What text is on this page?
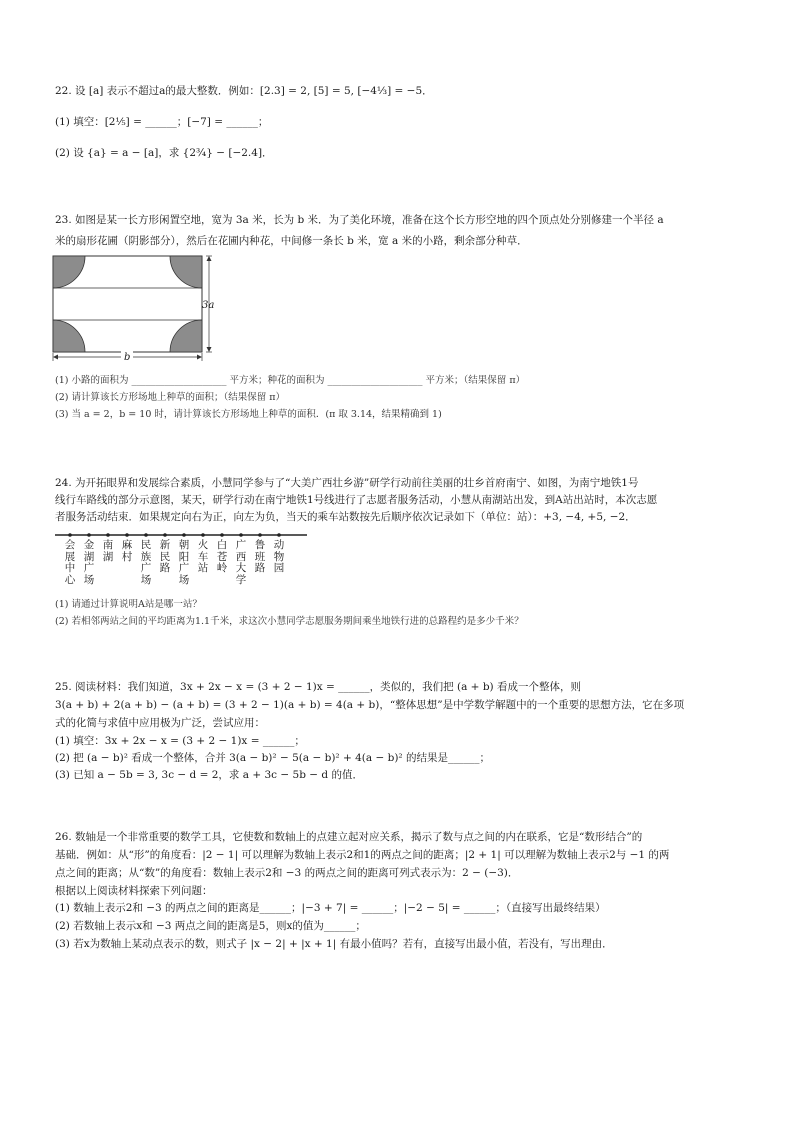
22. 设 [a] 表示不超过a的最大整数．例如：[2.3] = 2, [5] = 5, [−4⅓] = −5．
(1) 填空：[2⅕] = ______；[−7] = ______；
(2) 设 {a} = a − [a]，求 {2¾} − [−2.4]．
23. 如图是某一长方形闲置空地，宽为 3a 米，长为 b 米．为了美化环境，准备在这个长方形空地的四个顶点处分别修建一个半径 a
米的扇形花圃（阴影部分），然后在花圃内种花，中间修一条长 b 米，宽 a 米的小路，剩余部分种草．
3a
b
(1) 小路的面积为 ____________________ 平方米；种花的面积为 ____________________ 平方米；（结果保留 π）
(2) 请计算该长方形场地上种草的面积；（结果保留 π）
(3) 当 a = 2，b = 10 时，请计算该长方形场地上种草的面积．(π 取 3.14，结果精确到 1)
24. 为开拓眼界和发展综合素质，小慧同学参与了“大美广西壮乡游”研学行动前往美丽的壮乡首府南宁、如图，为南宁地铁1号
线行车路线的部分示意图，某天，研学行动在南宁地铁1号线进行了志愿者服务活动，小慧从南湖站出发，到A站出站时，本次志愿
者服务活动结束．如果规定向右为正，向左为负，当天的乘车站数按先后顺序依次记录如下（单位：站）：+3, −4, +5, −2．
会
展
中
心
金
湖
广
场
南
湖
麻
村
民
族
广
场
新
民
路
朝
阳
广
场
火
车
站
白
苍
岭
广
西
大
学
鲁
班
路
动
物
园
(1) 请通过计算说明A站是哪一站？
(2) 若相邻两站之间的平均距离为1.1千米，求这次小慧同学志愿服务期间乘坐地铁行进的总路程约是多少千米？
25. 阅读材料：我们知道，3x + 2x − x = (3 + 2 − 1)x = ______，类似的，我们把 (a + b) 看成一个整体，则
3(a + b) + 2(a + b) − (a + b) = (3 + 2 − 1)(a + b) = 4(a + b)，“整体思想”是中学数学解题中的一个重要的思想方法，它在多项
式的化简与求值中应用极为广泛，尝试应用：
(1) 填空：3x + 2x − x = (3 + 2 − 1)x = ______；
(2) 把 (a − b)² 看成一个整体，合并 3(a − b)² − 5(a − b)² + 4(a − b)² 的结果是______；
(3) 已知 a − 5b = 3, 3c − d = 2，求 a + 3c − 5b − d 的值．
26. 数轴是一个非常重要的数学工具，它使数和数轴上的点建立起对应关系，揭示了数与点之间的内在联系，它是“数形结合”的
基础．例如：从“形”的角度看：|2 − 1| 可以理解为数轴上表示2和1的两点之间的距离；|2 + 1| 可以理解为数轴上表示2与 −1 的两
点之间的距离；从“数”的角度看：数轴上表示2和 −3 的两点之间的距离可列式表示为：2 − (−3)．
根据以上阅读材料探索下列问题：
(1) 数轴上表示2和 −3 的两点之间的距离是______；|−3 + 7| = ______；|−2 − 5| = ______；（直接写出最终结果）
(2) 若数轴上表示x和 −3 两点之间的距离是5，则x的值为______；
(3) 若x为数轴上某动点表示的数，则式子 |x − 2| + |x + 1| 有最小值吗？若有，直接写出最小值，若没有，写出理由．
